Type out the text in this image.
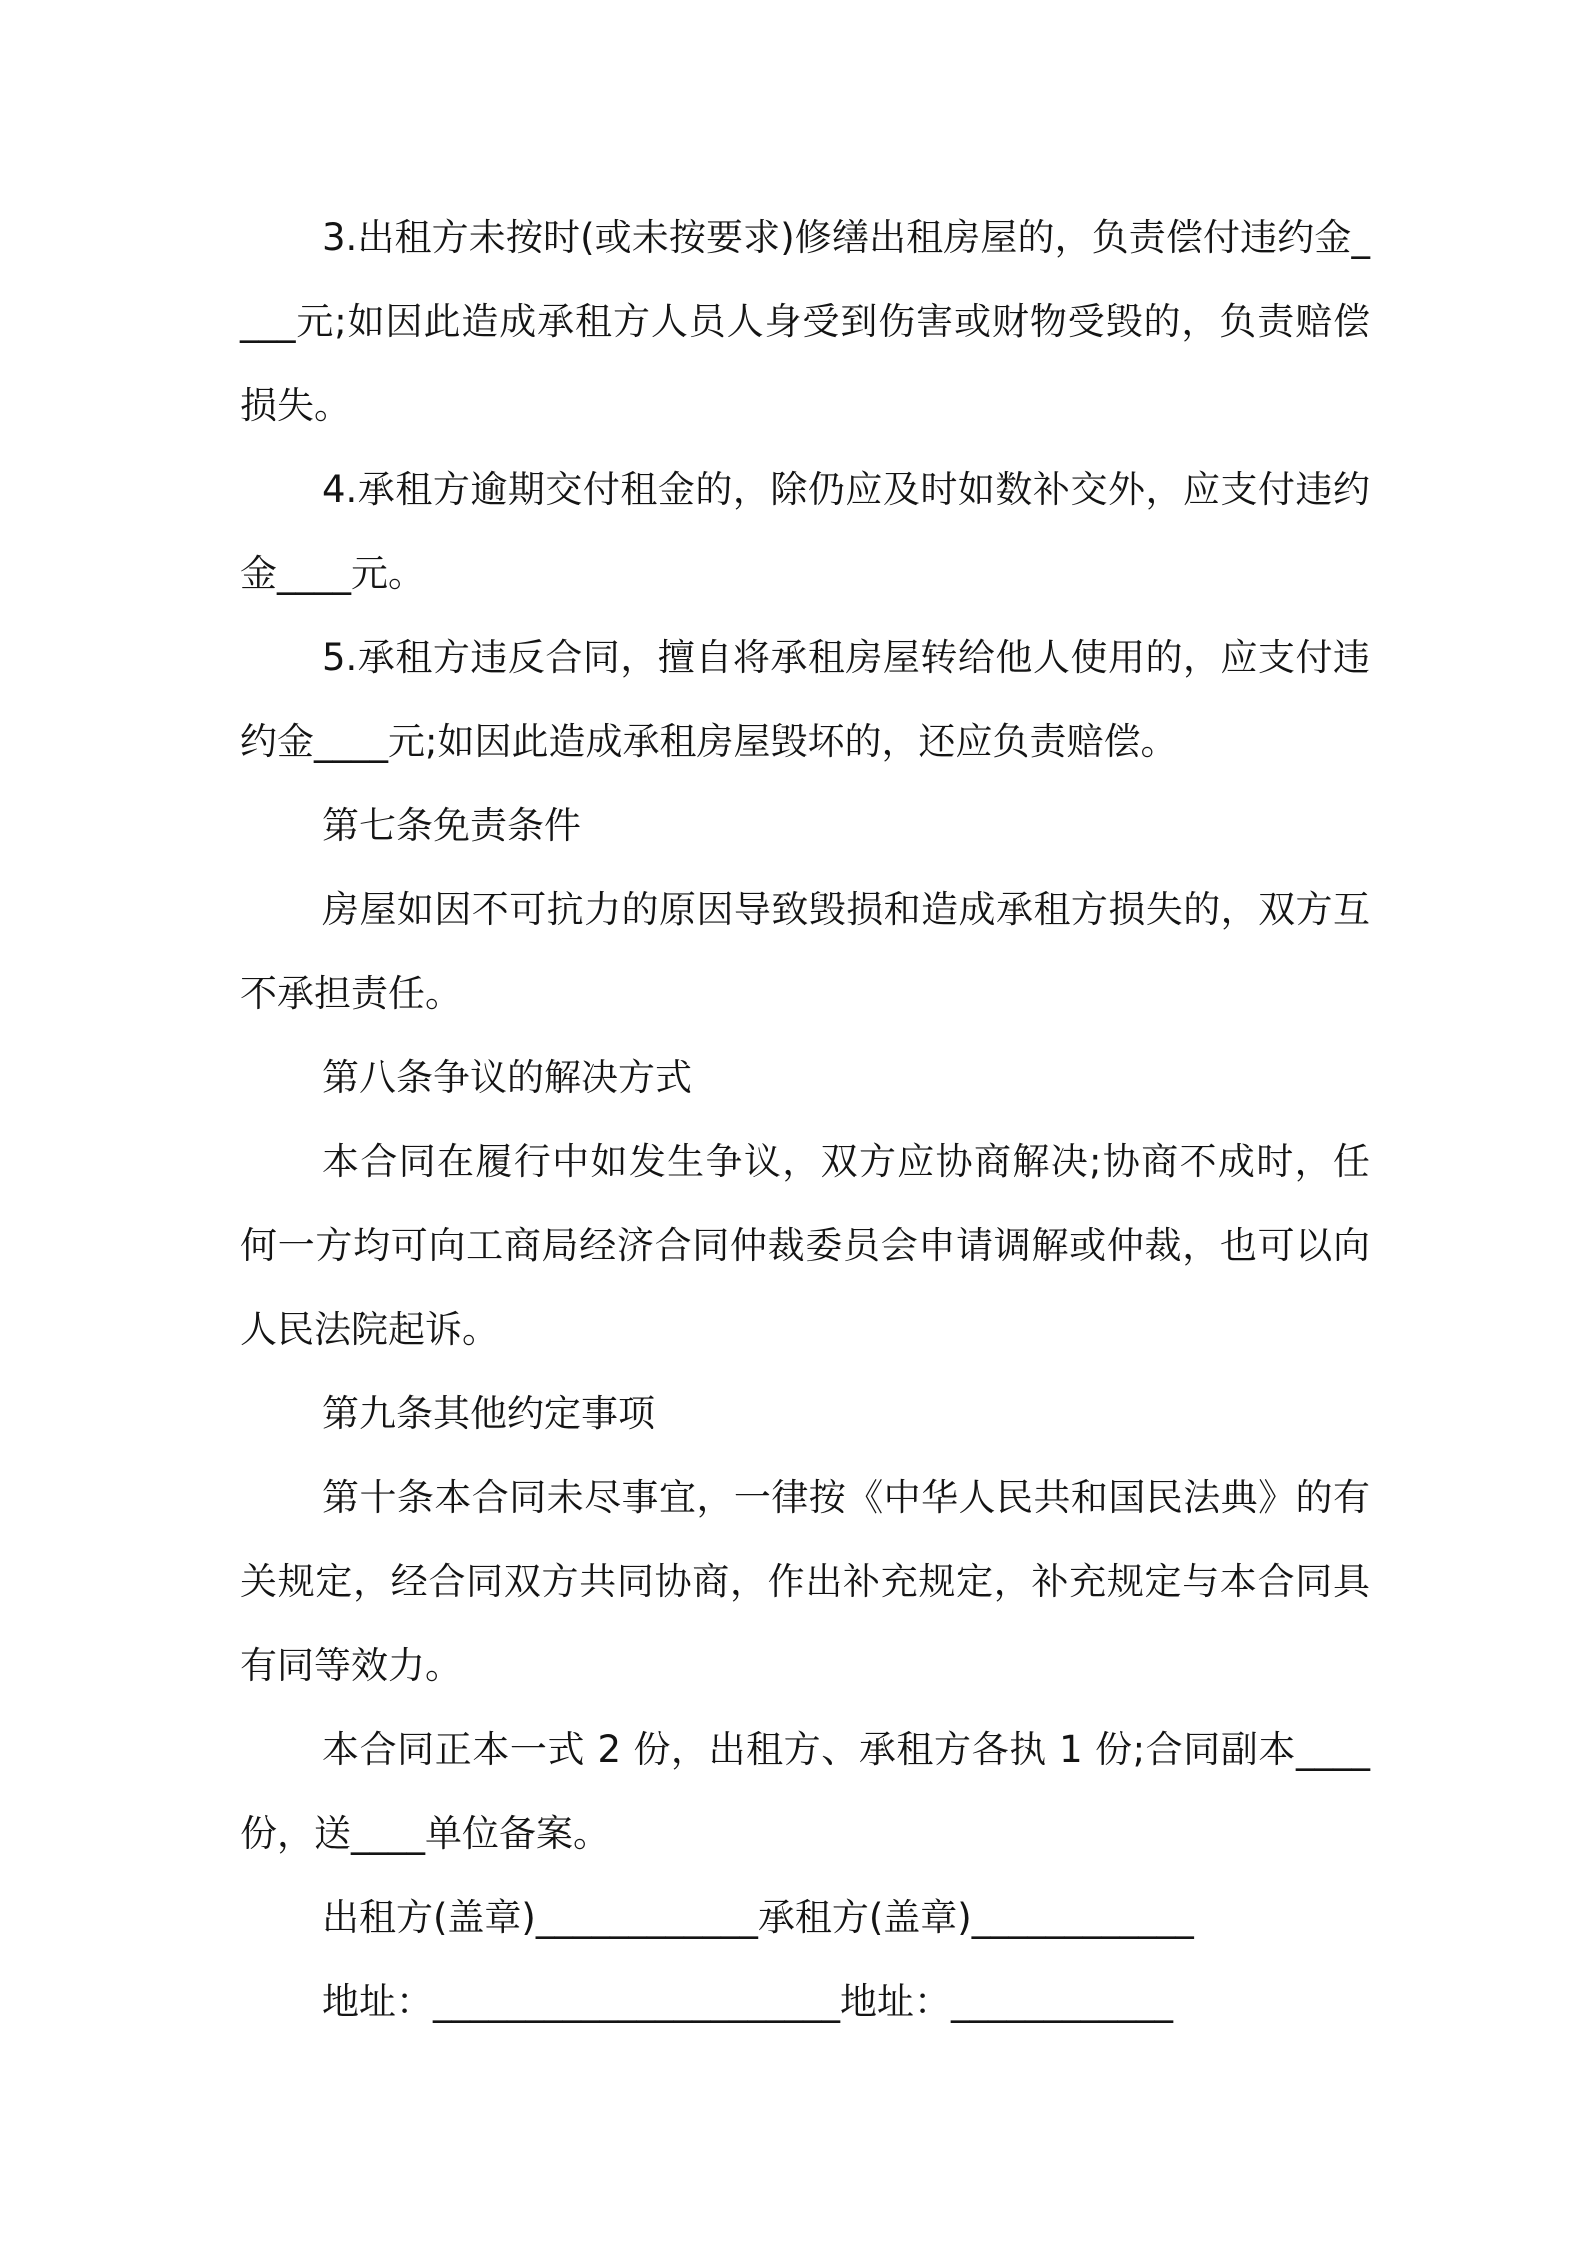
3.出租方未按时(或未按要求)修缮出租房屋的，负责偿付违约金____元;如因此造成承租方人员人身受到伤害或财物受毁的，负责赔偿损失。

4.承租方逾期交付租金的，除仍应及时如数补交外，应支付违约金____元。

5.承租方违反合同，擅自将承租房屋转给他人使用的，应支付违约金____元;如因此造成承租房屋毁坏的，还应负责赔偿。

第七条免责条件

房屋如因不可抗力的原因导致毁损和造成承租方损失的，双方互不承担责任。

第八条争议的解决方式

本合同在履行中如发生争议，双方应协商解决;协商不成时，任何一方均可向工商局经济合同仲裁委员会申请调解或仲裁，也可以向人民法院起诉。

第九条其他约定事项

第十条本合同未尽事宜，一律按《中华人民共和国民法典》的有关规定，经合同双方共同协商，作出补充规定，补充规定与本合同具有同等效力。

本合同正本一式 2 份，出租方、承租方各执 1 份;合同副本____份，送____单位备案。

出租方(盖章)____________承租方(盖章)____________

地址：______________________地址：____________
